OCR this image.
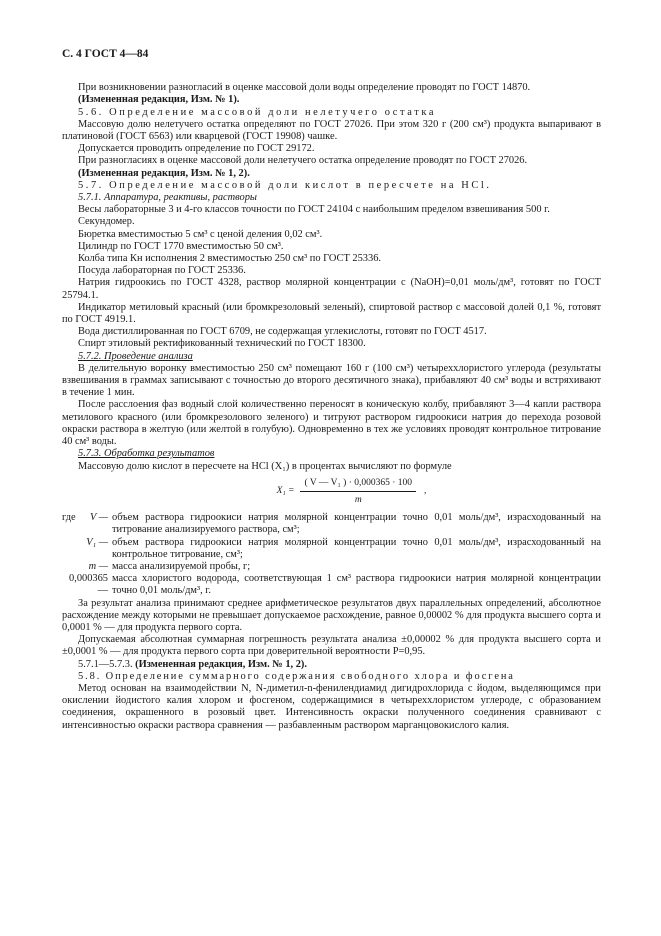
С. 4 ГОСТ 4—84

При возникновении разногласий в оценке массовой доли воды определение проводят по ГОСТ 14870.

(Измененная редакция, Изм. № 1).

5.6. Определение массовой доли нелетучего остатка

Массовую долю нелетучего остатка определяют по ГОСТ 27026. При этом 320 г (200 см³) продукта выпаривают в платиновой (ГОСТ 6563) или кварцевой (ГОСТ 19908) чашке.

Допускается проводить определение по ГОСТ 29172.

При разногласиях в оценке массовой доли нелетучего остатка определение проводят по ГОСТ 27026.

(Измененная редакция, Изм. № 1, 2).

5.7. Определение массовой доли кислот в пересчете на HCl.

5.7.1. Аппаратура, реактивы, растворы

Весы лабораторные 3 и 4-го классов точности по ГОСТ 24104 с наибольшим пределом взвешивания 500 г.

Секундомер.

Бюретка вместимостью 5 см³ с ценой деления 0,02 см³.

Цилиндр по ГОСТ 1770 вместимостью 50 см³.

Колба типа Кн исполнения 2 вместимостью 250 см³ по ГОСТ 25336.

Посуда лабораторная по ГОСТ 25336.

Натрия гидроокись по ГОСТ 4328, раствор молярной концентрации c (NaOH)=0,01 моль/дм³, готовят по ГОСТ 25794.1.

Индикатор метиловый красный (или бромкрезоловый зеленый), спиртовой раствор с массовой долей 0,1 %, готовят по ГОСТ 4919.1.

Вода дистиллированная по ГОСТ 6709, не содержащая углекислоты, готовят по ГОСТ 4517.

Спирт этиловый ректификованный технический по ГОСТ 18300.

5.7.2. Проведение анализа

В делительную воронку вместимостью 250 см³ помещают 160 г (100 см³) четыреххлористого углерода (результаты взвешивания в граммах записывают с точностью до второго десятичного знака), прибавляют 40 см³ воды и встряхивают в течение 1 мин.

После расслоения фаз водный слой количественно переносят в коническую колбу, прибавляют 3—4 капли раствора метилового красного (или бромкрезолового зеленого) и титруют раствором гидроокиси натрия до перехода розовой окраски раствора в желтую (или желтой в голубую). Одновременно в тех же условиях проводят контрольное титрование 40 см³ воды.

5.7.3. Обработка результатов

Массовую долю кислот в пересчете на HCl (X₁) в процентах вычисляют по формуле

$X_1 = \frac{\text{( V — V₁ ) · 0,000365 · 100}}{m}$ ,
где	V — объем раствора гидроокиси натрия молярной концентрации точно 0,01 моль/дм³, израсходованный на титрование анализируемого раствора, см³;
V₁ — объем раствора гидроокиси натрия молярной концентрации точно 0,01 моль/дм³, израсходованный на контрольное титрование, см³;
m — масса анализируемой пробы, г;
0,000365 —
масса хлористого водорода, соответствующая 1 см³ раствора гидроокиси натрия молярной концентрации точно 0,01 моль/дм³, г.

За результат анализа принимают среднее арифметическое результатов двух параллельных определений, абсолютное расхождение между которыми не превышает допускаемое расхождение, равное 0,00002 % для продукта высшего сорта и 0,0001 % — для продукта первого сорта.

Допускаемая абсолютная суммарная погрешность результата анализа ±0,00002 % для продукта высшего сорта и ±0,0001 % — для продукта первого сорта при доверительной вероятности P=0,95.

5.7.1—5.7.3. (Измененная редакция, Изм. № 1, 2).

5.8. Определение суммарного содержания свободного хлора и фосгена

Метод основан на взаимодействии N, N-диметил-n-фенилендиамид дигидрохлорида с йодом, выделяющимся при окислении йодистого калия хлором и фосгеном, содержащимися в четыреххлористом углероде, с образованием соединения, окрашенного в розовый цвет. Интенсивность окраски полученного соединения сравнивают с интенсивностью окраски раствора сравнения — разбавленным раствором марганцовокислого калия.
